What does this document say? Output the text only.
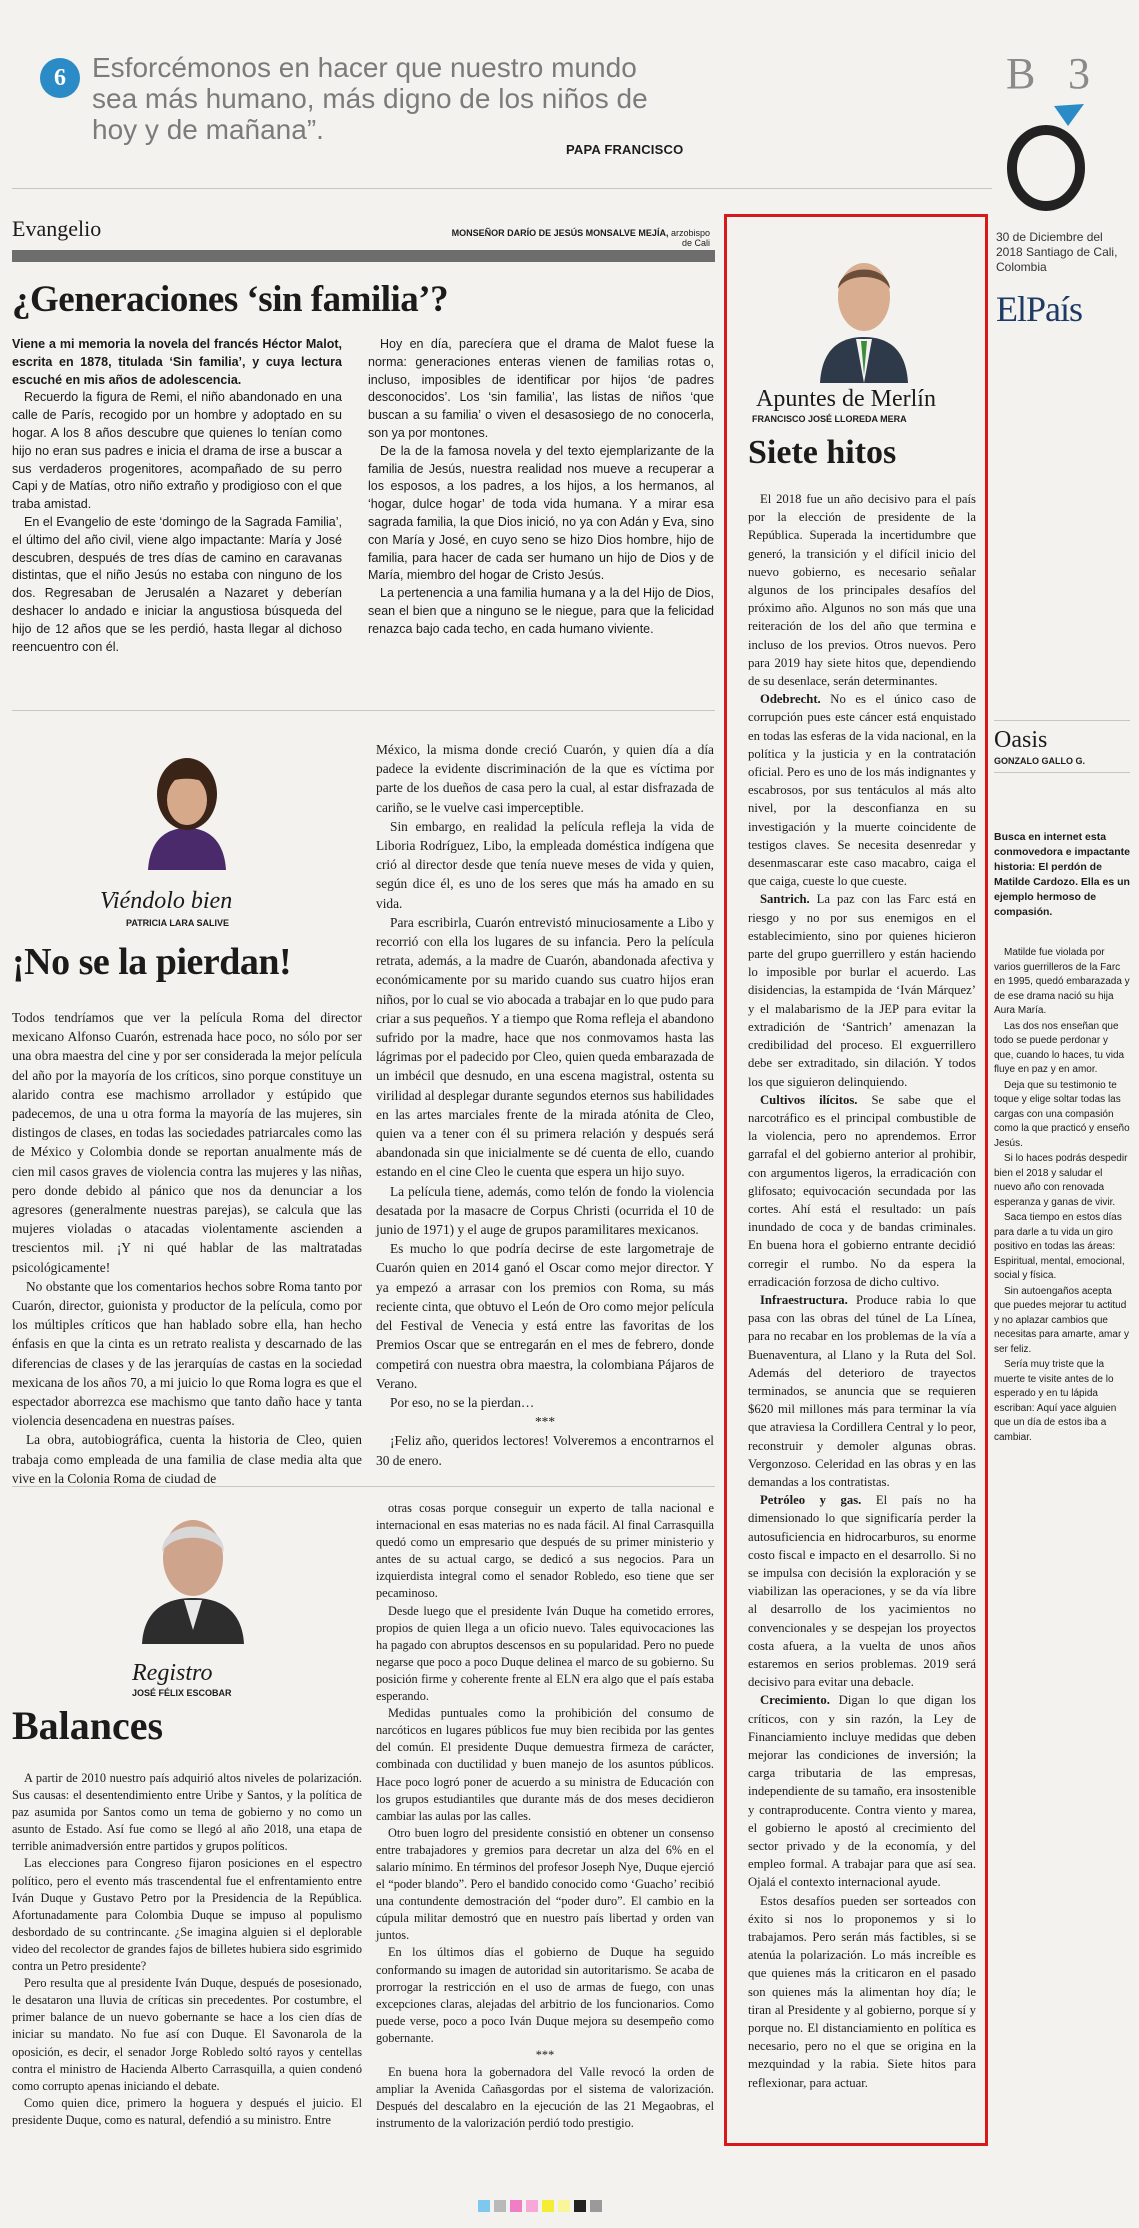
6 Esforcémonos en hacer que nuestro mundo sea más humano, más digno de los niños de hoy y de mañana”.
PAPA FRANCISCO
B 3
30 de Diciembre del 2018 Santiago de Cali, Colombia
ElPaís
Evangelio	MONSEÑOR DARÍO DE JESÚS MONSALVE MEJÍA, arzobispo de Cali
¿Generaciones ‘sin familia’?

Viene a mi memoria la novela del francés Héctor Malot, escrita en 1878, titulada ‘Sin familia’, y cuya lectura escuché en mis años de adolescencia.

Recuerdo la figura de Remi, el niño abandonado en una calle de París, recogido por un hombre y adoptado en su hogar. A los 8 años descubre que quienes lo tenían como hijo no eran sus padres e inicia el drama de irse a buscar a sus verdaderos progenitores, acompañado de su perro Capi y de Matías, otro niño extraño y prodigioso con el que traba amistad.

En el Evangelio de este ‘domingo de la Sagrada Familia’, el último del año civil, viene algo impactante: María y José descubren, después de tres días de camino en caravanas distintas, que el niño Jesús no estaba con ninguno de los dos. Regresaban de Jerusalén a Nazaret y deberían deshacer lo andado e iniciar la angustiosa búsqueda del hijo de 12 años que se les perdió, hasta llegar al dichoso reencuentro con él.

Hoy en día, parecíera que el drama de Malot fuese la norma: generaciones enteras vienen de familias rotas o, incluso, imposibles de identificar por hijos ‘de padres desconocidos’. Los ‘sin familia’, las listas de niños ‘que buscan a su familia’ o viven el desasosiego de no conocerla, son ya por montones.

De la de la famosa novela y del texto ejemplarizante de la familia de Jesús, nuestra realidad nos mueve a recuperar a los esposos, a los padres, a los hijos, a los hermanos, al ‘hogar, dulce hogar’ de toda vida humana. Y a mirar esa sagrada familia, la que Dios inició, no ya con Adán y Eva, sino con María y José, en cuyo seno se hizo Dios hombre, hijo de familia, para hacer de cada ser humano un hijo de Dios y de María, miembro del hogar de Cristo Jesús.

La pertenencia a una familia humana y a la del Hijo de Dios, sean el bien que a ninguno se le niegue, para que la felicidad renazca bajo cada techo, en cada humano viviente.

Viéndolo bien
PATRICIA LARA SALIVE
¡No se la pierdan!

Todos tendríamos que ver la película Roma del director mexicano Alfonso Cuarón, estrenada hace poco, no sólo por ser una obra maestra del cine y por ser considerada la mejor película del año por la mayoría de los críticos, sino porque constituye un alarido contra ese machismo arrollador y estúpido que padecemos, de una u otra forma la mayoría de las mujeres, sin distingos de clases, en todas las sociedades patriarcales como las de México y Colombia donde se reportan anualmente más de cien mil casos graves de violencia contra las mujeres y las niñas, pero donde debido al pánico que nos da denunciar a los agresores (generalmente nuestras parejas), se calcula que las mujeres violadas o atacadas violentamente ascienden a trescientos mil. ¡Y ni qué hablar de las maltratadas psicológicamente!

No obstante que los comentarios hechos sobre Roma tanto por Cuarón, director, guionista y productor de la película, como por los múltiples críticos que han hablado sobre ella, han hecho énfasis en que la cinta es un retrato realista y descarnado de las diferencias de clases y de las jerarquías de castas en la sociedad mexicana de los años 70, a mi juicio lo que Roma logra es que el espectador aborrezca ese machismo que tanto daño hace y tanta violencia desencadena en nuestras países.

La obra, autobiográfica, cuenta la historia de Cleo, quien trabaja como empleada de una familia de clase media alta que vive en la Colonia Roma de ciudad de

México, la misma donde creció Cuarón, y quien día a día padece la evidente discriminación de la que es víctima por parte de los dueños de casa pero la cual, al estar disfrazada de cariño, se le vuelve casi imperceptible.

Sin embargo, en realidad la película refleja la vida de Liboria Rodríguez, Libo, la empleada doméstica indígena que crió al director desde que tenía nueve meses de vida y quien, según dice él, es uno de los seres que más ha amado en su vida.

Para escribirla, Cuarón entrevistó minuciosamente a Libo y recorrió con ella los lugares de su infancia. Pero la película retrata, además, a la madre de Cuarón, abandonada afectiva y económicamente por su marido cuando sus cuatro hijos eran niños, por lo cual se vio abocada a trabajar en lo que pudo para criar a sus pequeños. Y a tiempo que Roma refleja el abandono sufrido por la madre, hace que nos conmovamos hasta las lágrimas por el padecido por Cleo, quien queda embarazada de un imbécil que desnudo, en una escena magistral, ostenta su virilidad al desplegar durante segundos eternos sus habilidades en las artes marciales frente de la mirada atónita de Cleo, quien va a tener con él su primera relación y después será abandonada sin que inicialmente se dé cuenta de ello, cuando estando en el cine Cleo le cuenta que espera un hijo suyo.

La película tiene, además, como telón de fondo la violencia desatada por la masacre de Corpus Christi (ocurrida el 10 de junio de 1971) y el auge de grupos paramilitares mexicanos.

Es mucho lo que podría decirse de este largometraje de Cuarón quien en 2014 ganó el Oscar como mejor director. Y ya empezó a arrasar con los premios con Roma, su más reciente cinta, que obtuvo el León de Oro como mejor película del Festival de Venecia y está entre las favoritas de los Premios Oscar que se entregarán en el mes de febrero, donde competirá con nuestra obra maestra, la colombiana Pájaros de Verano.

Por eso, no se la pierdan…

***

¡Feliz año, queridos lectores! Volveremos a encontrarnos el 30 de enero.

Registro
JOSÉ FÉLIX ESCOBAR
Balances

A partir de 2010 nuestro país adquirió altos niveles de polarización. Sus causas: el desentendimiento entre Uribe y Santos, y la política de paz asumida por Santos como un tema de gobierno y no como un asunto de Estado. Así fue como se llegó al año 2018, una etapa de terrible animadversión entre partidos y grupos políticos.

Las elecciones para Congreso fijaron posiciones en el espectro político, pero el evento más trascendental fue el enfrentamiento entre Iván Duque y Gustavo Petro por la Presidencia de la República. Afortunadamente para Colombia Duque se impuso al populismo desbordado de su contrincante. ¿Se imagina alguien si el deplorable video del recolector de grandes fajos de billetes hubiera sido esgrimido contra un Petro presidente?

Pero resulta que al presidente Iván Duque, después de posesionado, le desataron una lluvia de críticas sin precedentes. Por costumbre, el primer balance de un nuevo gobernante se hace a los cien días de iniciar su mandato. No fue así con Duque. El Savonarola de la oposición, es decir, el senador Jorge Robledo soltó rayos y centellas contra el ministro de Hacienda Alberto Carrasquilla, a quien condenó como corrupto apenas iniciando el debate.

Como quien dice, primero la hoguera y después el juicio. El presidente Duque, como es natural, defendió a su ministro. Entre

otras cosas porque conseguir un experto de talla nacional e internacional en esas materias no es nada fácil. Al final Carrasquilla quedó como un empresario que después de su primer ministerio y antes de su actual cargo, se dedicó a sus negocios. Para un izquierdista integral como el senador Robledo, eso tiene que ser pecaminoso.

Desde luego que el presidente Iván Duque ha cometido errores, propios de quien llega a un oficio nuevo. Tales equivocaciones las ha pagado con abruptos descensos en su popularidad. Pero no puede negarse que poco a poco Duque delinea el marco de su gobierno. Su posición firme y coherente frente al ELN era algo que el país estaba esperando.

Medidas puntuales como la prohibición del consumo de narcóticos en lugares públicos fue muy bien recibida por las gentes del común. El presidente Duque demuestra firmeza de carácter, combinada con ductilidad y buen manejo de los asuntos públicos. Hace poco logró poner de acuerdo a su ministra de Educación con los grupos estudiantiles que durante más de dos meses decidieron cambiar las aulas por las calles.

Otro buen logro del presidente consistió en obtener un consenso entre trabajadores y gremios para decretar un alza del 6% en el salario mínimo. En términos del profesor Joseph Nye, Duque ejerció el “poder blando”. Pero el bandido conocido como ‘Guacho’ recibió una contundente demostración del “poder duro”. El cambio en la cúpula militar demostró que en nuestro país libertad y orden van juntos.

En los últimos días el gobierno de Duque ha seguido conformando su imagen de autoridad sin autoritarismo. Se acaba de prorrogar la restricción en el uso de armas de fuego, con unas excepciones claras, alejadas del arbitrio de los funcionarios. Como puede verse, poco a poco Iván Duque mejora su desempeño como gobernante.

***

En buena hora la gobernadora del Valle revocó la orden de ampliar la Avenida Cañasgordas por el sistema de valorización. Después del descalabro en la ejecución de las 21 Megaobras, el instrumento de la valorización perdió todo prestigio.

Apuntes de Merlín
FRANCISCO JOSÉ LLOREDA MERA
Siete hitos

El 2018 fue un año decisivo para el país por la elección de presidente de la República. Superada la incertidumbre que generó, la transición y el difícil inicio del nuevo gobierno, es necesario señalar algunos de los principales desafíos del próximo año. Algunos no son más que una reiteración de los del año que termina e incluso de los previos. Otros nuevos. Pero para 2019 hay siete hitos que, dependiendo de su desenlace, serán determinantes.

Odebrecht. No es el único caso de corrupción pues este cáncer está enquistado en todas las esferas de la vida nacional, en la política y la justicia y en la contratación oficial. Pero es uno de los más indignantes y escabrosos, por sus tentáculos al más alto nivel, por la desconfianza en su investigación y la muerte coincidente de testigos claves. Se necesita desenredar y desenmascarar este caso macabro, caiga el que caiga, cueste lo que cueste.

Santrich. La paz con las Farc está en riesgo y no por sus enemigos en el establecimiento, sino por quienes hicieron parte del grupo guerrillero y están haciendo lo imposible por burlar el acuerdo. Las disidencias, la estampida de ‘Iván Márquez’ y el malabarismo de la JEP para evitar la extradición de ‘Santrich’ amenazan la credibilidad del proceso. El exguerrillero debe ser extraditado, sin dilación. Y todos los que siguieron delinquiendo.

Cultivos ilícitos. Se sabe que el narcotráfico es el principal combustible de la violencia, pero no aprendemos. Error garrafal el del gobierno anterior al prohibir, con argumentos ligeros, la erradicación con glifosato; equivocación secundada por las cortes. Ahí está el resultado: un país inundado de coca y de bandas criminales. En buena hora el gobierno entrante decidió corregir el rumbo. No da espera la erradicación forzosa de dicho cultivo.

Infraestructura. Produce rabia lo que pasa con las obras del túnel de La Línea, para no recabar en los problemas de la vía a Buenaventura, al Llano y la Ruta del Sol. Además del deterioro de trayectos terminados, se anuncia que se requieren $620 mil millones más para terminar la vía que atraviesa la Cordillera Central y lo peor, reconstruir y demoler algunas obras. Vergonzoso. Celeridad en las obras y en las demandas a los contratistas.

Petróleo y gas. El país no ha dimensionado lo que significaría perder la autosuficiencia en hidrocarburos, su enorme costo fiscal e impacto en el desarrollo. Si no se impulsa con decisión la exploración y se viabilizan las operaciones, y se da vía libre al desarrollo de los yacimientos no convencionales y se despejan los proyectos costa afuera, a la vuelta de unos años estaremos en serios problemas. 2019 será decisivo para evitar una debacle.

Crecimiento. Digan lo que digan los críticos, con y sin razón, la Ley de Financiamiento incluye medidas que deben mejorar las condiciones de inversión; la carga tributaria de las empresas, independiente de su tamaño, era insostenible y contraproducente. Contra viento y marea, el gobierno le apostó al crecimiento del sector privado y de la economía, y del empleo formal. A trabajar para que así sea. Ojalá el contexto internacional ayude.

Estos desafíos pueden ser sorteados con éxito si nos lo proponemos y si lo trabajamos. Pero serán más factibles, si se atenúa la polarización. Lo más increíble es que quienes más la criticaron en el pasado son quienes más la alimentan hoy día; le tiran al Presidente y al gobierno, porque sí y porque no. El distanciamiento en política es necesario, pero no el que se origina en la mezquindad y la rabia. Siete hitos para reflexionar, para actuar.

Oasis
GONZALO GALLO G.
Busca en internet esta conmovedora e impactante historia: El perdón de Matilde Cardozo. Ella es un ejemplo hermoso de compasión.

Matilde fue violada por varios guerrilleros de la Farc en 1995, quedó embarazada y de ese drama nació su hija Aura María.

Las dos nos enseñan que todo se puede perdonar y que, cuando lo haces, tu vida fluye en paz y en amor.

Deja que su testimonio te toque y elige soltar todas las cargas con una compasión como la que practicó y enseño Jesús.

Si lo haces podrás despedir bien el 2018 y saludar el nuevo año con renovada esperanza y ganas de vivir.

Saca tiempo en estos días para darle a tu vida un giro positivo en todas las áreas: Espiritual, mental, emocional, social y física.

Sin autoengaños acepta que puedes mejorar tu actitud y no aplazar cambios que necesitas para amarte, amar y ser feliz.

Sería muy triste que la muerte te visite antes de lo esperado y en tu lápida escriban: Aquí yace alguien que un día de estos iba a cambiar.
